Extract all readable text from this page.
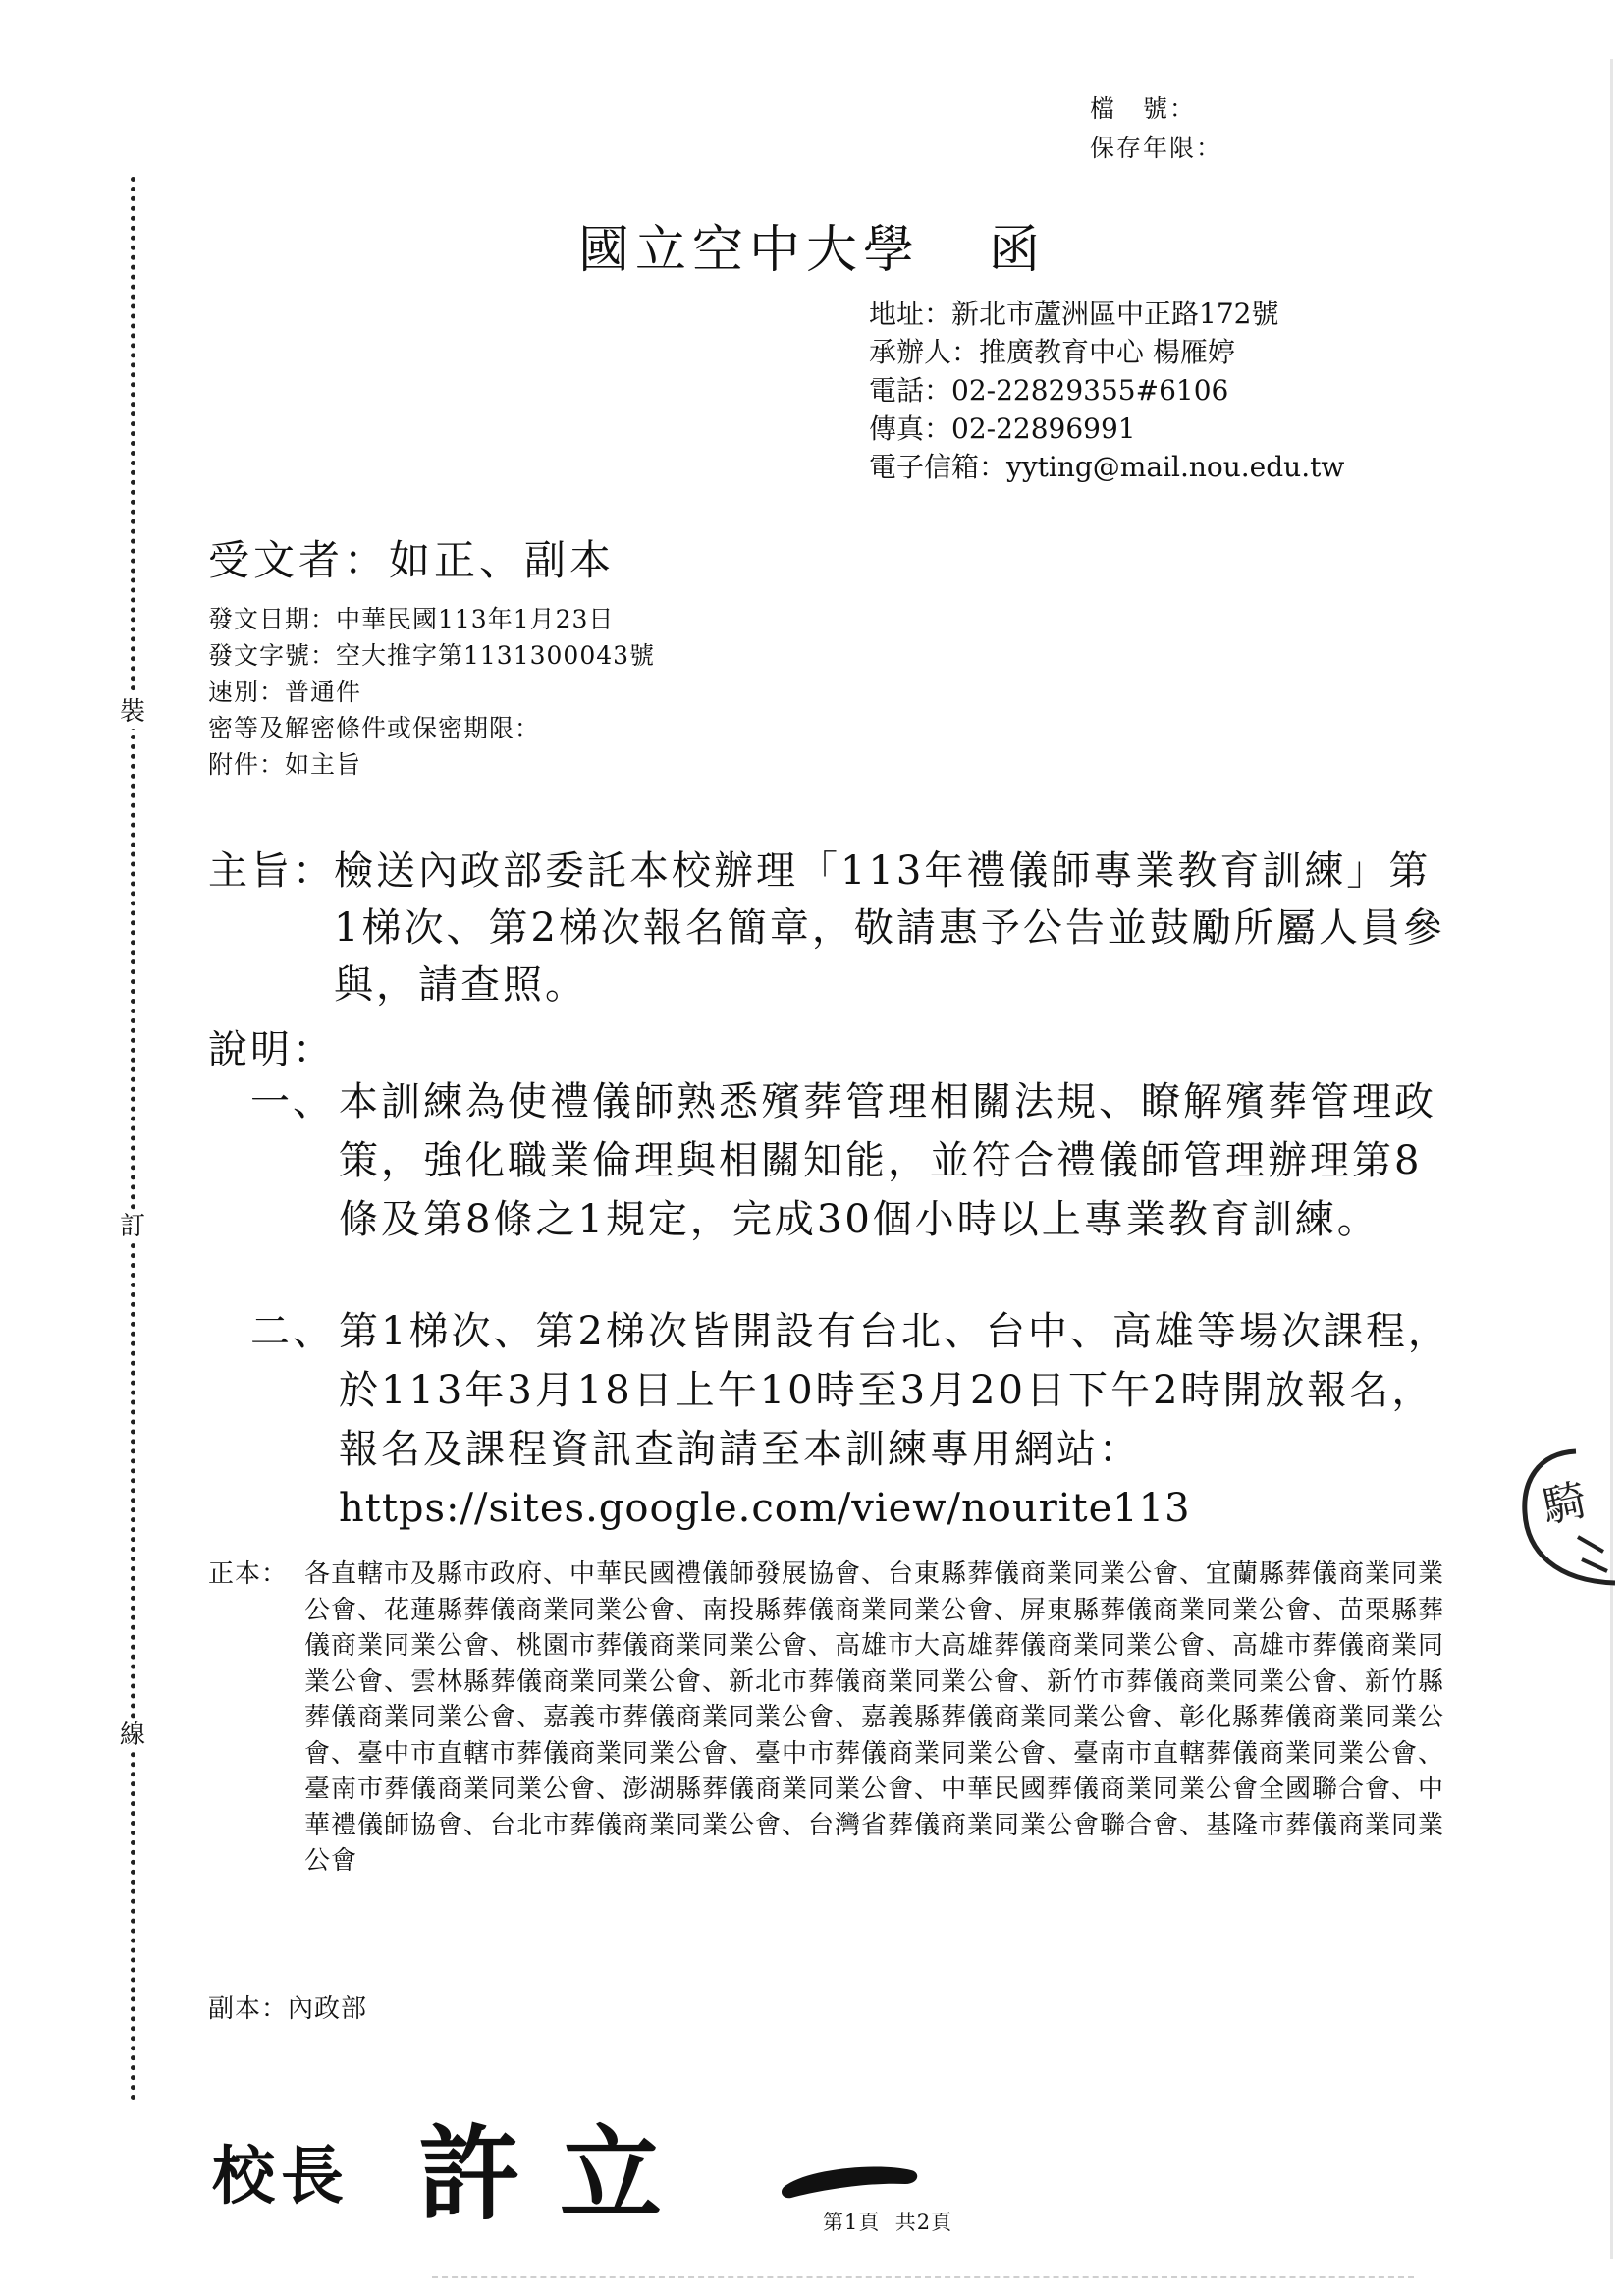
裝
訂
線
檔　號：
保存年限：
國立空中大學 函
地址：新北市蘆洲區中正路172號
承辦人：推廣教育中心 楊雁婷
電話：02-22829355#6106
傳真：02-22896991
電子信箱：yyting@mail.nou.edu.tw
受文者：如正、副本
發文日期：中華民國113年1月23日
發文字號：空大推字第1131300043號
速別：普通件
密等及解密條件或保密期限：
附件：如主旨
主旨： 檢送內政部委託本校辦理「113年禮儀師專業教育訓練」第1梯次、第2梯次報名簡章，敬請惠予公告並鼓勵所屬人員參與，請查照。
說明：
一、 本訓練為使禮儀師熟悉殯葬管理相關法規、瞭解殯葬管理政策，強化職業倫理與相關知能，並符合禮儀師管理辦理第8條及第8條之1規定，完成30個小時以上專業教育訓練。
二、 第1梯次、第2梯次皆開設有台北、台中、高雄等場次課程，於113年3月18日上午10時至3月20日下午2時開放報名，報名及課程資訊查詢請至本訓練專用網站：
https://sites.google.com/view/nourite113
正本： 各直轄市及縣市政府、中華民國禮儀師發展協會、台東縣葬儀商業同業公會、宜蘭縣葬儀商業同業公會、花蓮縣葬儀商業同業公會、南投縣葬儀商業同業公會、屏東縣葬儀商業同業公會、苗栗縣葬儀商業同業公會、桃園市葬儀商業同業公會、高雄市大高雄葬儀商業同業公會、高雄市葬儀商業同業公會、雲林縣葬儀商業同業公會、新北市葬儀商業同業公會、新竹市葬儀商業同業公會、新竹縣葬儀商業同業公會、嘉義市葬儀商業同業公會、嘉義縣葬儀商業同業公會、彰化縣葬儀商業同業公會、臺中市直轄市葬儀商業同業公會、臺中市葬儀商業同業公會、臺南市直轄葬儀商業同業公會、臺南市葬儀商業同業公會、澎湖縣葬儀商業同業公會、中華民國葬儀商業同業公會全國聯合會、中華禮儀師協會、台北市葬儀商業同業公會、台灣省葬儀商業同業公會聯合會、基隆市葬儀商業同業公會
副本：內政部
校長 許立	第1頁 共2頁
騎
